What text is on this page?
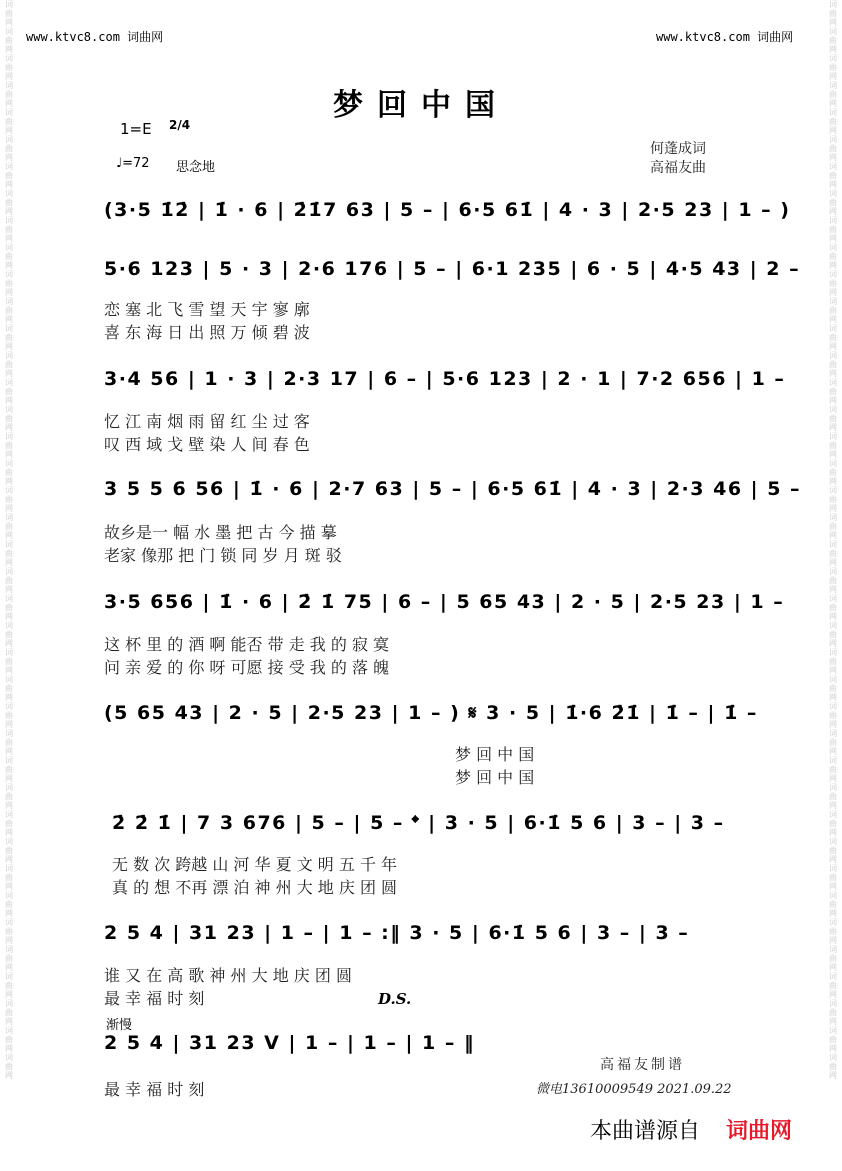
词曲网词曲网词曲网词曲网词曲网词曲网词曲网词曲网词曲网词曲网词曲网词曲网词曲网词曲网词曲网词曲网词曲网词曲网词曲网词曲网词曲网词曲网词曲网词曲网词曲网词曲网词曲网词曲网词曲网词曲网词曲网词曲网词曲网词曲网词曲网词曲网词曲网词曲网词曲网词曲网
词曲网词曲网词曲网词曲网词曲网词曲网词曲网词曲网词曲网词曲网词曲网词曲网词曲网词曲网词曲网词曲网词曲网词曲网词曲网词曲网词曲网词曲网词曲网词曲网词曲网词曲网词曲网词曲网词曲网词曲网词曲网词曲网词曲网词曲网词曲网词曲网词曲网词曲网词曲网词曲网
www.ktvc8.com 词曲网	www.ktvc8.com 词曲网
梦回中国
1=E 2/4
♩=72 思念地
何蓬成词
高福友曲
(3·5 1̇2̇ | 1̇ · 6 | 2̇1̇7 63 | 5 – | 6·5 61̇ | 4 · 3 | 2·5 23 | 1 – )
5·6 123 | 5 · 3 | 2·6 176 | 5 – | 6·1 235 | 6 · 5 | 4·5 43 | 2 –
恋 塞 北 飞 雪 望 天 宇 寥 廓
喜 东 海 日 出 照 万 倾 碧 波
3·4 56 | 1 · 3 | 2·3 17 | 6 – | 5·6 123 | 2 · 1 | 7·2 656 | 1 –
忆 江 南 烟 雨 留 红 尘 过 客
叹 西 域 戈 壁 染 人 间 春 色
3 5 5 6 56 | 1̇ · 6 | 2·7 63 | 5 – | 6·5 61̇ | 4 · 3 | 2·3 46 | 5 –
故乡是一 幅 水 墨 把 古 今 描 摹
老家 像那 把 门 锁 同 岁 月 斑 驳
3·5 656 | 1̇ · 6 | 2̇ 1̇ 75 | 6 – | 5 65 43 | 2 · 5 | 2·5 23 | 1 –
这 杯 里 的 酒 啊 能否 带 走 我 的 寂 寞
问 亲 爱 的 你 呀 可愿 接 受 我 的 落 魄
(5 65 43 | 2 · 5 | 2·5 23 | 1 – ) 𝄋 3 · 5 | 1̇·6 2̇1̇ | 1̇ – | 1̇ –
梦 回 中 国
梦 回 中 国
2̇ 2̇ 1̇ | 7 3 676 | 5 – | 5 – 𝄌 | 3 · 5 | 6·1̇ 5 6 | 3 – | 3 –
无 数 次 跨越 山 河 华 夏 文 明 五 千 年
真 的 想 不再 漂 泊 神 州 大 地 庆 团 圆
2 5 4 | 31 23 | 1 – | 1 – :‖ 3 · 5 | 6·1̇ 5 6 | 3 – | 3 –
谁 又 在 高 歌 神 州 大 地 庆 团 圆
最 幸 福 时 刻	D.S.
渐慢
2 5 4 | 31 23 V | 1 – | 1 – | 1 – ‖
最 幸 福 时 刻
高福友制谱
微电13610009549 2021.09.22
本曲谱源自 词曲网
